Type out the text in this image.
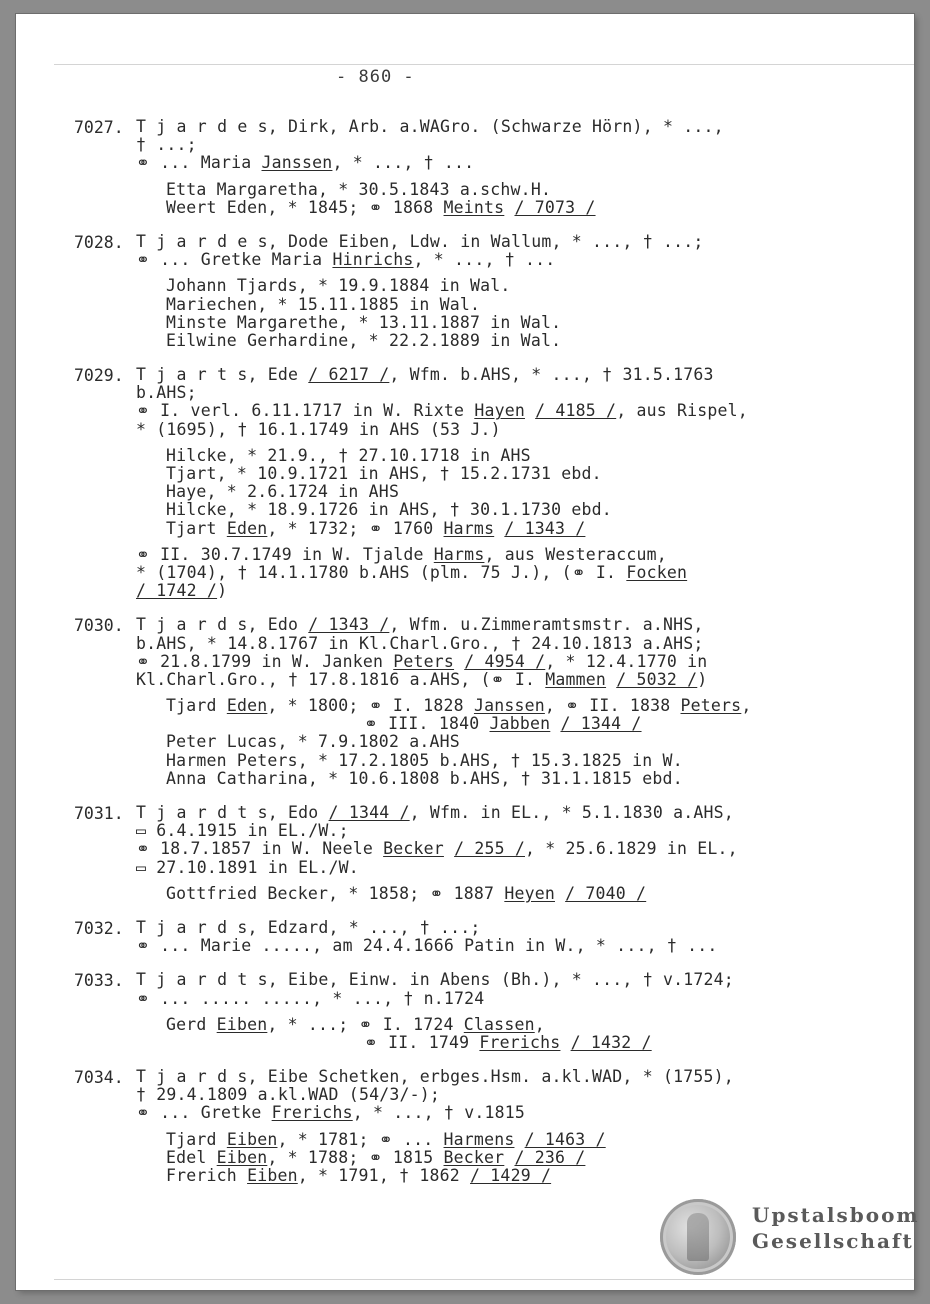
- 860 -
7027. T j a r d e s, Dirk, Arb. a.WAGro. (Schwarze Hörn), * ...,
† ...;
⚭ ... Maria Janssen, * ..., † ...
Etta Margaretha, * 30.5.1843 a.schw.H.
Weert Eden, * 1845; ⚭ 1868 Meints / 7073 /
7028. T j a r d e s, Dode Eiben, Ldw. in Wallum, * ..., † ...;
⚭ ... Gretke Maria Hinrichs, * ..., † ...
Johann Tjards, * 19.9.1884 in Wal.
Mariechen, * 15.11.1885 in Wal.
Minste Margarethe, * 13.11.1887 in Wal.
Eilwine Gerhardine, * 22.2.1889 in Wal.
7029. T j a r t s, Ede / 6217 /, Wfm. b.AHS, * ..., † 31.5.1763
b.AHS;
⚭ I. verl. 6.11.1717 in W. Rixte Hayen / 4185 /, aus Rispel,
* (1695), † 16.1.1749 in AHS (53 J.)
Hilcke, * 21.9., † 27.10.1718 in AHS
Tjart, * 10.9.1721 in AHS, † 15.2.1731 ebd.
Haye, * 2.6.1724 in AHS
Hilcke, * 18.9.1726 in AHS, † 30.1.1730 ebd.
Tjart Eden, * 1732; ⚭ 1760 Harms / 1343 /
⚭ II. 30.7.1749 in W. Tjalde Harms, aus Westeraccum,
* (1704), † 14.1.1780 b.AHS (plm. 75 J.), (⚭ I. Focken
/ 1742 /)
7030. T j a r d s, Edo / 1343 /, Wfm. u.Zimmeramtsmstr. a.NHS,
b.AHS, * 14.8.1767 in Kl.Charl.Gro., † 24.10.1813 a.AHS;
⚭ 21.8.1799 in W. Janken Peters / 4954 /, * 12.4.1770 in
Kl.Charl.Gro., † 17.8.1816 a.AHS, (⚭ I. Mammen / 5032 /)
Tjard Eden, * 1800; ⚭ I. 1828 Janssen, ⚭ II. 1838 Peters,
⚭ III. 1840 Jabben / 1344 /
Peter Lucas, * 7.9.1802 a.AHS
Harmen Peters, * 17.2.1805 b.AHS, † 15.3.1825 in W.
Anna Catharina, * 10.6.1808 b.AHS, † 31.1.1815 ebd.
7031. T j a r d t s, Edo / 1344 /, Wfm. in EL., * 5.1.1830 a.AHS,
▭ 6.4.1915 in EL./W.;
⚭ 18.7.1857 in W. Neele Becker / 255 /, * 25.6.1829 in EL.,
▭ 27.10.1891 in EL./W.
Gottfried Becker, * 1858; ⚭ 1887 Heyen / 7040 /
7032. T j a r d s, Edzard, * ..., † ...;
⚭ ... Marie ....., am 24.4.1666 Patin in W., * ..., † ...
7033. T j a r d t s, Eibe, Einw. in Abens (Bh.), * ..., † v.1724;
⚭ ... ..... ....., * ..., † n.1724
Gerd Eiben, * ...; ⚭ I. 1724 Classen,
⚭ II. 1749 Frerichs / 1432 /
7034. T j a r d s, Eibe Schetken, erbges.Hsm. a.kl.WAD, * (1755),
† 29.4.1809 a.kl.WAD (54/3/-);
⚭ ... Gretke Frerichs, * ..., † v.1815
Tjard Eiben, * 1781; ⚭ ... Harmens / 1463 /
Edel Eiben, * 1788; ⚭ 1815 Becker / 236 /
Frerich Eiben, * 1791, † 1862 / 1429 /
Upstalsboom
Gesellschaft
